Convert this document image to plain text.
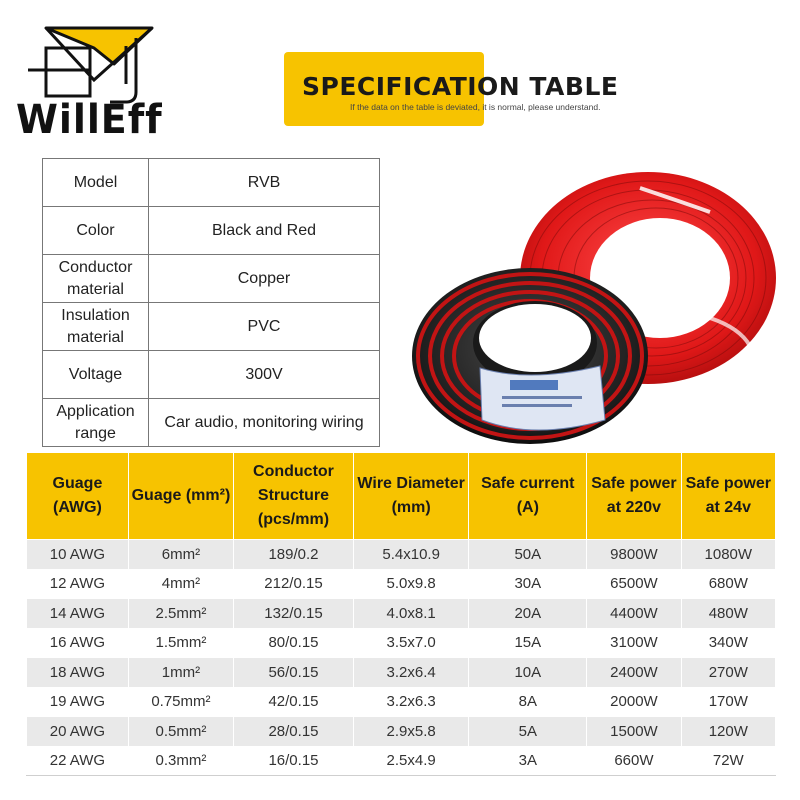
WillEff
SPECIFICATION TABLE
If the data on the table is deviated, it is normal, please understand.
Model	RVB
Color	Black and Red
Conductor material	Copper
Insulation material	PVC
Voltage	300V
Application range	Car audio, monitoring wiring
Guage (AWG)	Guage (mm²)	Conductor Structure (pcs/mm)	Wire Diameter (mm)	Safe current (A)	Safe power at 220v	Safe power at 24v
10 AWG	6mm²	189/0.2	5.4x10.9	50A	9800W	1080W
12 AWG	4mm²	212/0.15	5.0x9.8	30A	6500W	680W
14 AWG	2.5mm²	132/0.15	4.0x8.1	20A	4400W	480W
16 AWG	1.5mm²	80/0.15	3.5x7.0	15A	3100W	340W
18 AWG	1mm²	56/0.15	3.2x6.4	10A	2400W	270W
19 AWG	0.75mm²	42/0.15	3.2x6.3	8A	2000W	170W
20 AWG	0.5mm²	28/0.15	2.9x5.8	5A	1500W	120W
22 AWG	0.3mm²	16/0.15	2.5x4.9	3A	660W	72W
